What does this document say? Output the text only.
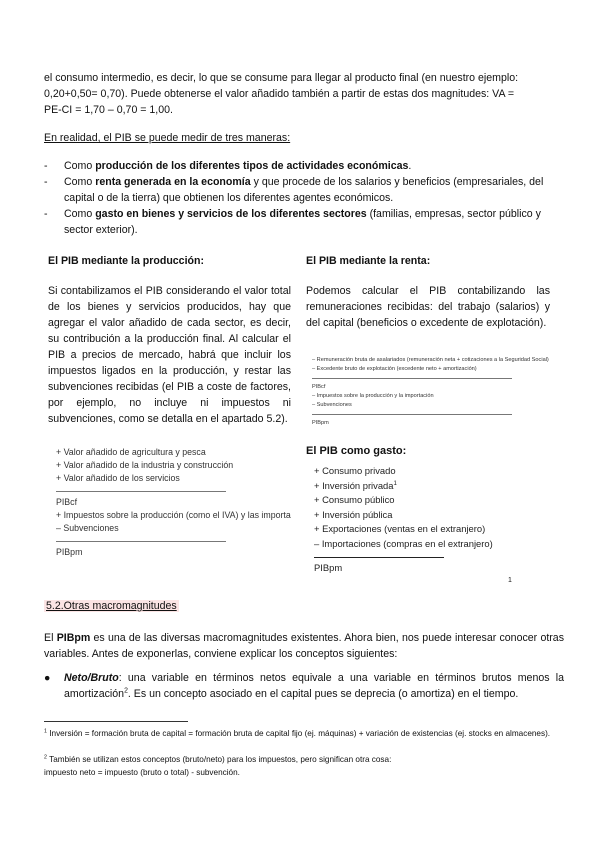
el consumo intermedio, es decir, lo que se consume para llegar al producto final (en nuestro ejemplo:
0,20+0,50= 0,70). Puede obtenerse el valor añadido también a partir de estas dos magnitudes: VA =
PE-CI = 1,70 – 0,70 = 1,00.
En realidad, el PIB se puede medir de tres maneras:
- Como producción de los diferentes tipos de actividades económicas.
- Como renta generada en la economía y que procede de los salarios y beneficios (empresariales, del capital o de la tierra) que obtienen los diferentes agentes económicos.
- Como gasto en bienes y servicios de los diferentes sectores (familias, empresas, sector público y sector exterior).
El PIB mediante la producción:
Si contabilizamos el PIB considerando el valor total de los bienes y servicios producidos, hay que agregar el valor añadido de cada sector, es decir, su contribución a la producción final. Al calcular el PIB a precios de mercado, habrá que incluir los impuestos ligados en la producción, y restar las subvenciones recibidas (el PIB a coste de factores, por ejemplo, no incluye ni impuestos ni subvenciones, como se detalla en el apartado 5.2).
+ Valor añadido de agricultura y pesca
+ Valor añadido de la industria y construcción
+ Valor añadido de los servicios
PIBcf
+ Impuestos sobre la producción (como el IVA) y las importa
– Subvenciones
PIBpm
El PIB mediante la renta:
Podemos calcular el PIB contabilizando las remuneraciones recibidas: del trabajo (salarios) y del capital (beneficios o excedente de explotación).
– Remuneración bruta de asalariados (remuneración neta + cotizaciones a la Seguridad Social)
– Excedente bruto de explotación (excedente neto + amortización)
PIBcf
– Impuestos sobre la producción y la importación
– Subvenciones
PIBpm
El PIB como gasto:
+ Consumo privado
+ Inversión privada$^1$
+ Consumo público
+ Inversión pública
+ Exportaciones (ventas en el extranjero)
– Importaciones (compras en el extranjero)
PIBpm
1
5.2.Otras macromagnitudes
El PIBpm es una de las diversas macromagnitudes existentes. Ahora bien, nos puede interesar conocer otras variables. Antes de exponerlas, conviene explicar los conceptos siguientes:
● Neto/Bruto: una variable en términos netos equivale a una variable en términos brutos menos la amortización$^2$. Es un concepto asociado en el capital pues se deprecia (o amortiza) en el tiempo.
$^1$ Inversión = formación bruta de capital = formación bruta de capital fijo (ej. máquinas) + variación de existencias (ej. stocks en almacenes).
$^2$ También se utilizan estos conceptos (bruto/neto) para los impuestos, pero significan otra cosa:
impuesto neto = impuesto (bruto o total) - subvención.
